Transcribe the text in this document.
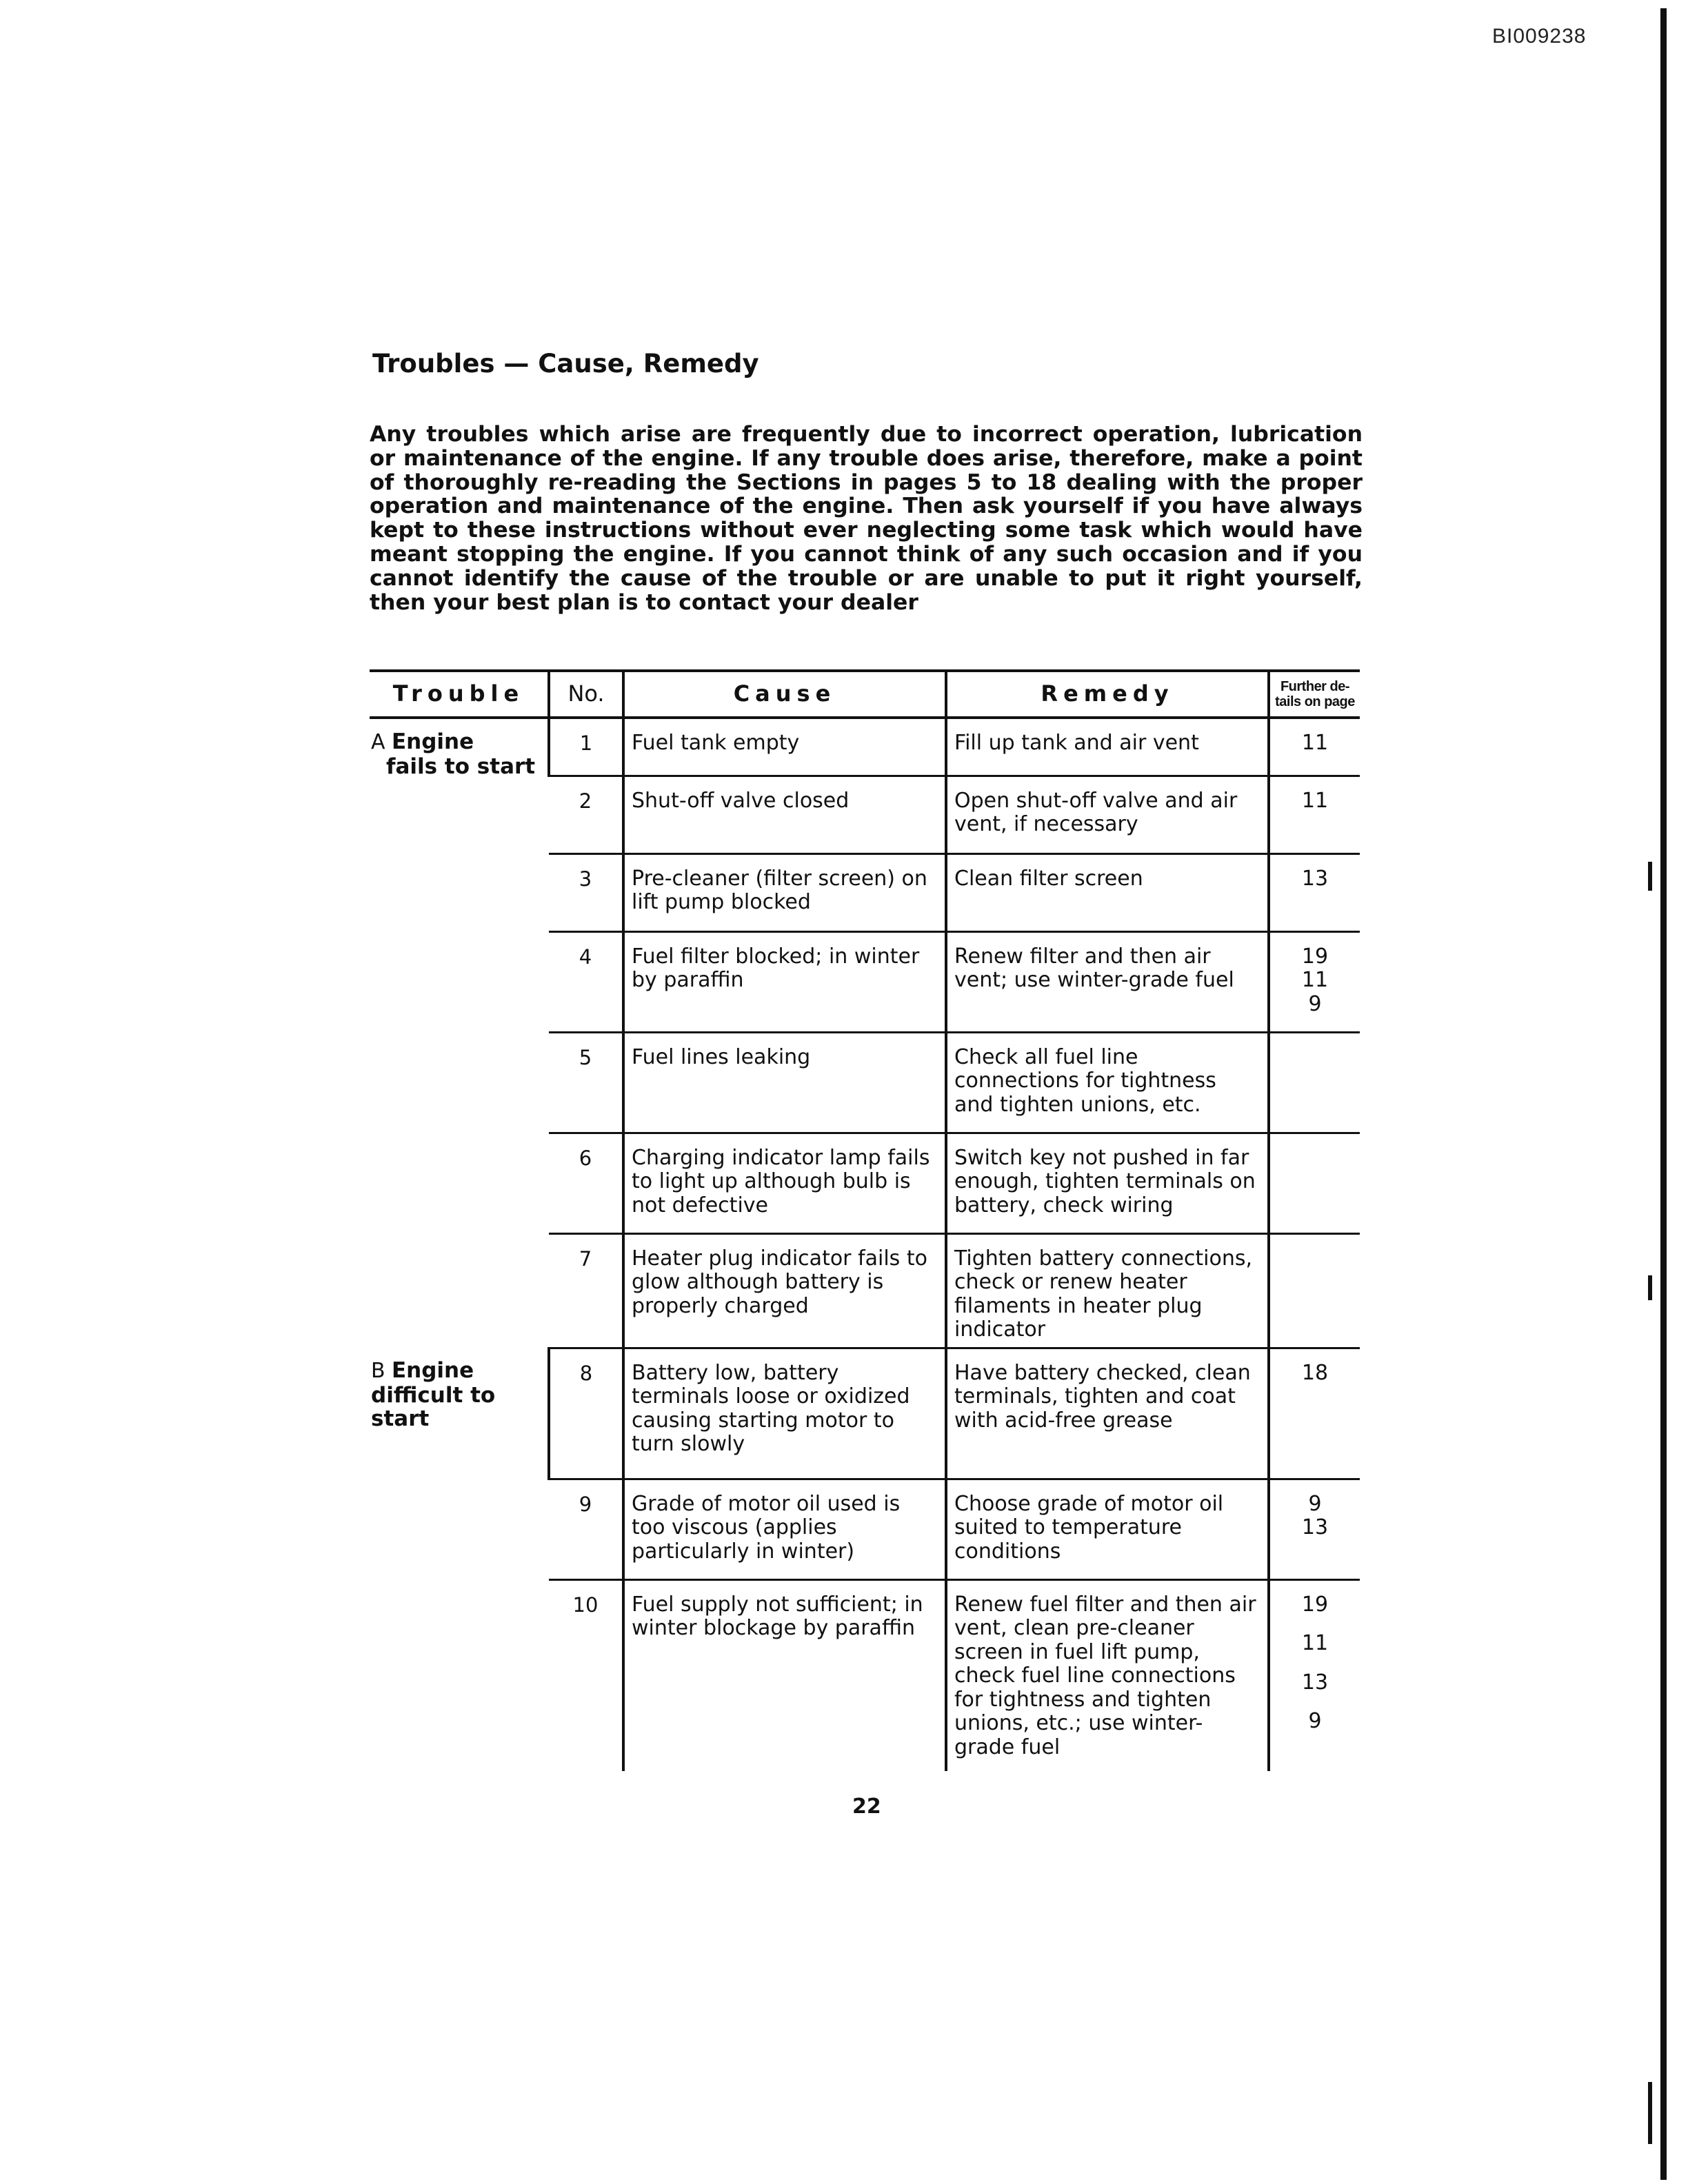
BI009238
Troubles — Cause, Remedy

Any troubles which arise are frequently due to incorrect operation, lubrication or maintenance of the engine. If any trouble does arise, therefore, make a point of thoroughly re-reading the Sections in pages 5 to 18 dealing with the proper operation and maintenance of the engine. Then ask yourself if you have always kept to these instructions without ever neglecting some task which would have meant stopping the engine. If you cannot think of any such occasion and if you cannot identify the cause of the trouble or are unable to put it right yourself, then your best plan is to contact your dealer

Trouble	No.	Cause	Remedy	Further de-
tails on page

A Engine
fails to start	1	Fuel tank empty	Fill up tank and air vent	11

	2	Shut-off valve closed	Open shut-off valve and air vent, if necessary	11

	3	Pre-cleaner (filter screen) on lift pump blocked	Clean filter screen	13

	4	Fuel filter blocked; in winter by paraffin	Renew filter and then air vent; use winter-grade fuel	19
11
9

	5	Fuel lines leaking	Check all fuel line connections for tightness and tighten unions, etc.	
	6	Charging indicator lamp fails to light up although bulb is not defective	Switch key not pushed in far enough, tighten terminals on battery, check wiring	
	7	Heater plug indicator fails to glow although battery is properly charged	Tighten battery connections, check or renew heater filaments in heater plug indicator	
B Engine
difficult to start	8	Battery low, battery terminals loose or oxidized causing starting motor to turn slowly	Have battery checked, clean terminals, tighten and coat with acid-free grease	18

	9	Grade of motor oil used is too viscous (applies particularly in winter)	Choose grade of motor oil suited to temperature conditions	9
13

	10	Fuel supply not sufficient; in winter blockage by paraffin	Renew fuel filter and then air vent, clean pre-cleaner screen in fuel lift pump, check fuel line connections for tightness and tighten unions, etc.; use winter-grade fuel	19
11
13
9
22
